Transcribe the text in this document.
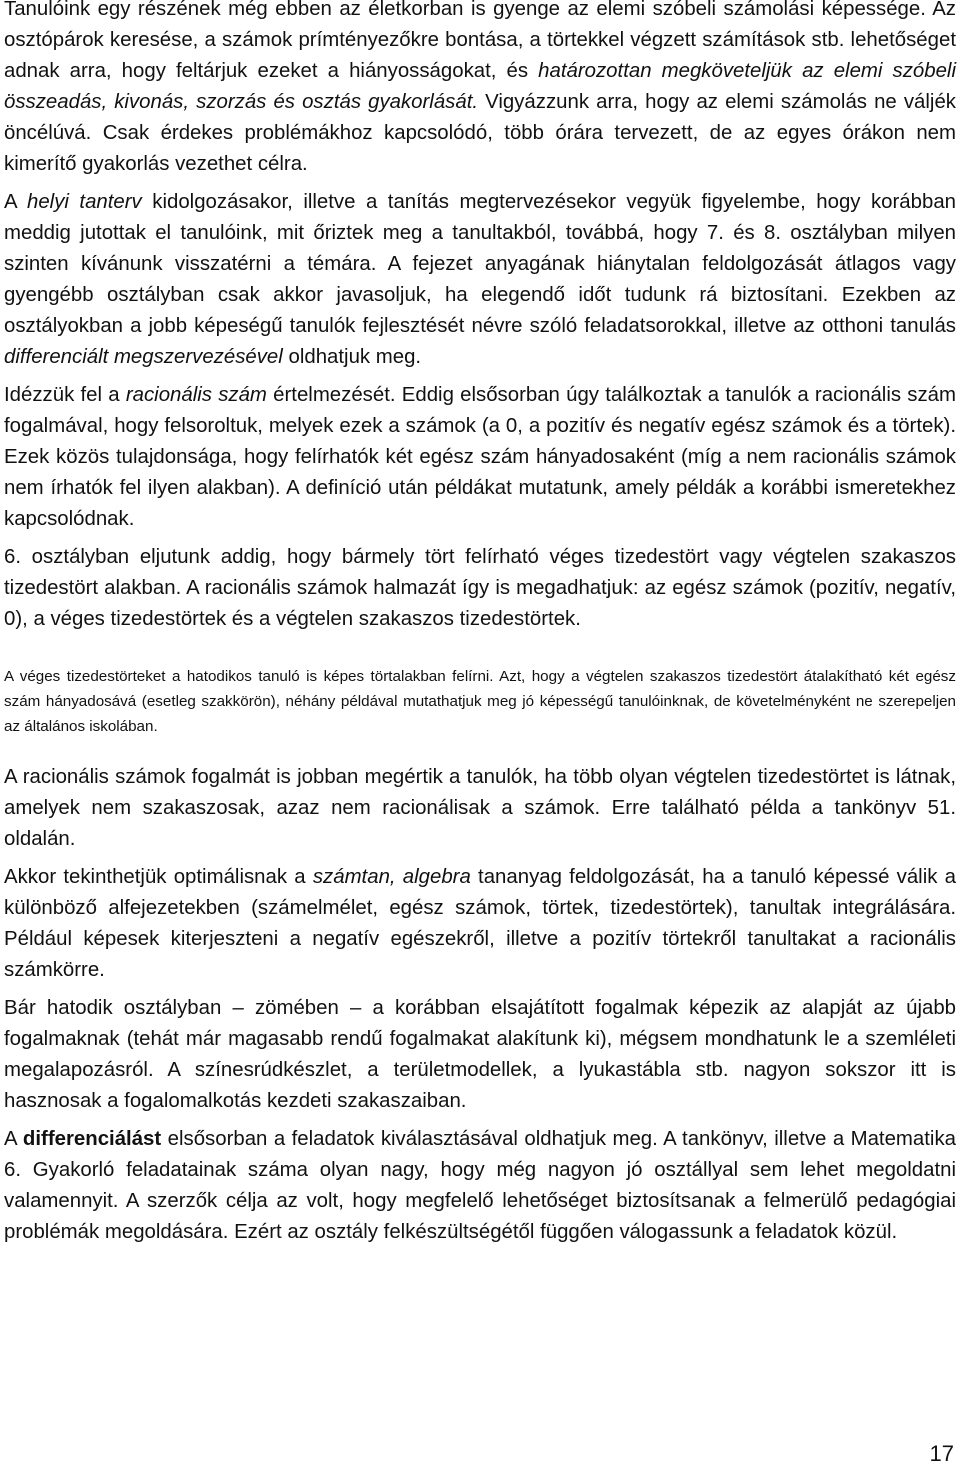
Tanulóink egy részének még ebben az életkorban is gyenge az elemi szóbeli számolási képessége. Az osztópárok keresése, a számok prímtényezőkre bontása, a törtekkel végzett számítások stb. lehetőséget adnak arra, hogy feltárjuk ezeket a hiányosságokat, és határozottan megköveteljük az elemi szóbeli összeadás, kivonás, szorzás és osztás gyakorlását. Vigyázzunk arra, hogy az elemi számolás ne váljék öncélúvá. Csak érdekes problémákhoz kapcsolódó, több órára tervezett, de az egyes órákon nem kimerítő gyakorlás vezethet célra.

A helyi tanterv kidolgozásakor, illetve a tanítás megtervezésekor vegyük figyelembe, hogy korábban meddig jutottak el tanulóink, mit őriztek meg a tanultakból, továbbá, hogy 7. és 8. osztályban milyen szinten kívánunk visszatérni a témára. A fejezet anyagának hiánytalan feldolgozását átlagos vagy gyengébb osztályban csak akkor javasoljuk, ha elegendő időt tudunk rá biztosítani. Ezekben az osztályokban a jobb képeségű tanulók fejlesztését névre szóló feladatsorokkal, illetve az otthoni tanulás differenciált megszervezésével oldhatjuk meg.

Idézzük fel a racionális szám értelmezését. Eddig elsősorban úgy találkoztak a tanulók a racionális szám fogalmával, hogy felsoroltuk, melyek ezek a számok (a 0, a pozitív és negatív egész számok és a törtek). Ezek közös tulajdonsága, hogy felírhatók két egész szám hányadosaként (míg a nem racionális számok nem írhatók fel ilyen alakban). A definíció után példákat mutatunk, amely példák a korábbi ismeretekhez kapcsolódnak.

6. osztályban eljutunk addig, hogy bármely tört felírható véges tizedestört vagy végtelen szakaszos tizedestört alakban. A racionális számok halmazát így is megadhatjuk: az egész számok (pozitív, negatív, 0), a véges tizedestörtek és a végtelen szakaszos tizedestörtek.

A véges tizedestörteket a hatodikos tanuló is képes törtalakban felírni. Azt, hogy a végtelen szakaszos tizedestört átalakítható két egész szám hányadosává (esetleg szakkörön), néhány példával mutathatjuk meg jó képességű tanulóinknak, de követelményként ne szerepeljen az általános iskolában.

A racionális számok fogalmát is jobban megértik a tanulók, ha több olyan végtelen tizedestörtet is látnak, amelyek nem szakaszosak, azaz nem racionálisak a számok. Erre található példa a tankönyv 51. oldalán.

Akkor tekinthetjük optimálisnak a számtan, algebra tananyag feldolgozását, ha a tanuló képessé válik a különböző alfejezetekben (számelmélet, egész számok, törtek, tizedestörtek), tanultak integrálására. Például képesek kiterjeszteni a negatív egészekről, illetve a pozitív törtekről tanultakat a racionális számkörre.

Bár hatodik osztályban – zömében – a korábban elsajátított fogalmak képezik az alapját az újabb fogalmaknak (tehát már magasabb rendű fogalmakat alakítunk ki), mégsem mondhatunk le a szemléleti megalapozásról. A színesrúdkészlet, a területmodellek, a lyukastábla stb. nagyon sokszor itt is hasznosak a fogalomalkotás kezdeti szakaszaiban.

A differenciálást elsősorban a feladatok kiválasztásával oldhatjuk meg. A tankönyv, illetve a Matematika 6. Gyakorló feladatainak száma olyan nagy, hogy még nagyon jó osztállyal sem lehet megoldatni valamennyit. A szerzők célja az volt, hogy megfelelő lehetőséget biztosítsanak a felmerülő pedagógiai problémák megoldására. Ezért az osztály felkészültségétől függően válogassunk a feladatok közül.

17
